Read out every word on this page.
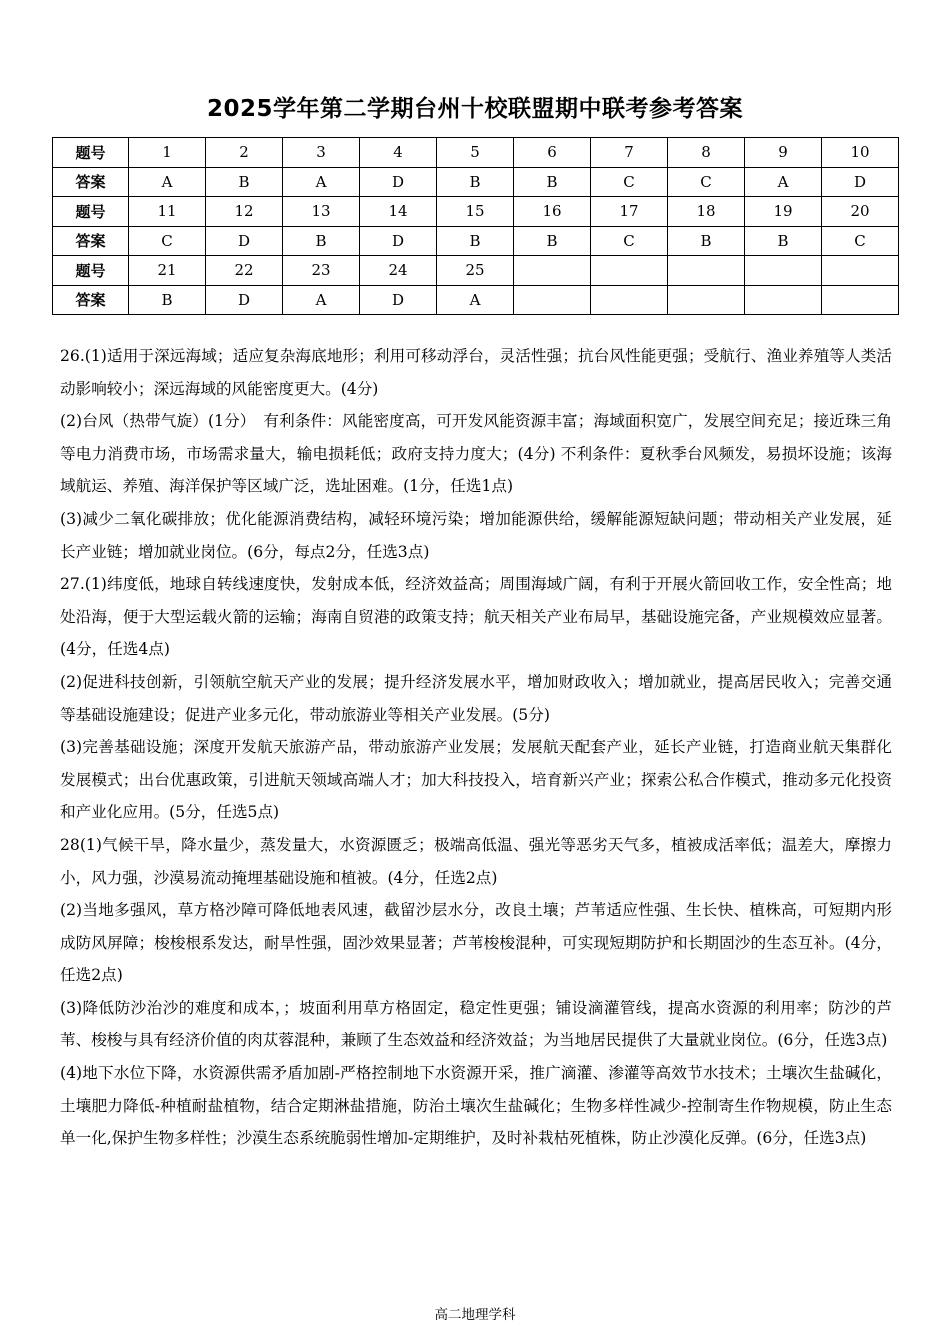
2025学年第二学期台州十校联盟期中联考参考答案
题号	1	2	3	4	5	6	7	8	9	10
答案	A	B	A	D	B	B	C	C	A	D
题号	11	12	13	14	15	16	17	18	19	20
答案	C	D	B	D	B	B	C	B	B	C
题号	21	22	23	24	25					
答案	B	D	A	D	A					

26.(1)适用于深远海域；适应复杂海底地形；利用可移动浮台，灵活性强；抗台风性能更强；受航行、渔业养殖等人类活动影响较小；深远海域的风能密度更大。(4分)

(2)台风（热带气旋）(1分）　有利条件：风能密度高，可开发风能资源丰富；海域面积宽广，发展空间充足；接近珠三角等电力消费市场，市场需求量大，输电损耗低；政府支持力度大；(4分) 不利条件：夏秋季台风频发，易损坏设施；该海域航运、养殖、海洋保护等区域广泛，选址困难。(1分，任选1点)

(3)减少二氧化碳排放；优化能源消费结构，减轻环境污染；增加能源供给，缓解能源短缺问题；带动相关产业发展，延长产业链；增加就业岗位。(6分，每点2分，任选3点)

27.(1)纬度低，地球自转线速度快，发射成本低，经济效益高；周围海域广阔，有利于开展火箭回收工作，安全性高；地处沿海，便于大型运载火箭的运输；海南自贸港的政策支持；航天相关产业布局早，基础设施完备，产业规模效应显著。(4分，任选4点)

(2)促进科技创新，引领航空航天产业的发展；提升经济发展水平，增加财政收入；增加就业，提高居民收入；完善交通等基础设施建设；促进产业多元化，带动旅游业等相关产业发展。(5分)

(3)完善基础设施；深度开发航天旅游产品，带动旅游产业发展；发展航天配套产业，延长产业链，打造商业航天集群化发展模式；出台优惠政策，引进航天领域高端人才；加大科技投入，培育新兴产业；探索公私合作模式，推动多元化投资和产业化应用。(5分，任选5点)

28(1)气候干旱，降水量少，蒸发量大，水资源匮乏；极端高低温、强光等恶劣天气多，植被成活率低；温差大，摩擦力小，风力强，沙漠易流动掩埋基础设施和植被。(4分，任选2点)

(2)当地多强风，草方格沙障可降低地表风速，截留沙层水分，改良土壤；芦苇适应性强、生长快、植株高，可短期内形成防风屏障；梭梭根系发达，耐旱性强，固沙效果显著；芦苇梭梭混种，可实现短期防护和长期固沙的生态互补。(4分，任选2点)

(3)降低防沙治沙的难度和成本，；坡面利用草方格固定，稳定性更强；铺设滴灌管线，提高水资源的利用率；防沙的芦苇、梭梭与具有经济价值的肉苁蓉混种，兼顾了生态效益和经济效益；为当地居民提供了大量就业岗位。(6分，任选3点)

(4)地下水位下降，水资源供需矛盾加剧-严格控制地下水资源开采，推广滴灌、渗灌等高效节水技术；土壤次生盐碱化，土壤肥力降低-种植耐盐植物，结合定期淋盐措施，防治土壤次生盐碱化；生物多样性减少-控制寄生作物规模，防止生态单一化,保护生物多样性；沙漠生态系统脆弱性增加-定期维护，及时补栽枯死植株，防止沙漠化反弹。(6分，任选3点)

高二地理学科
